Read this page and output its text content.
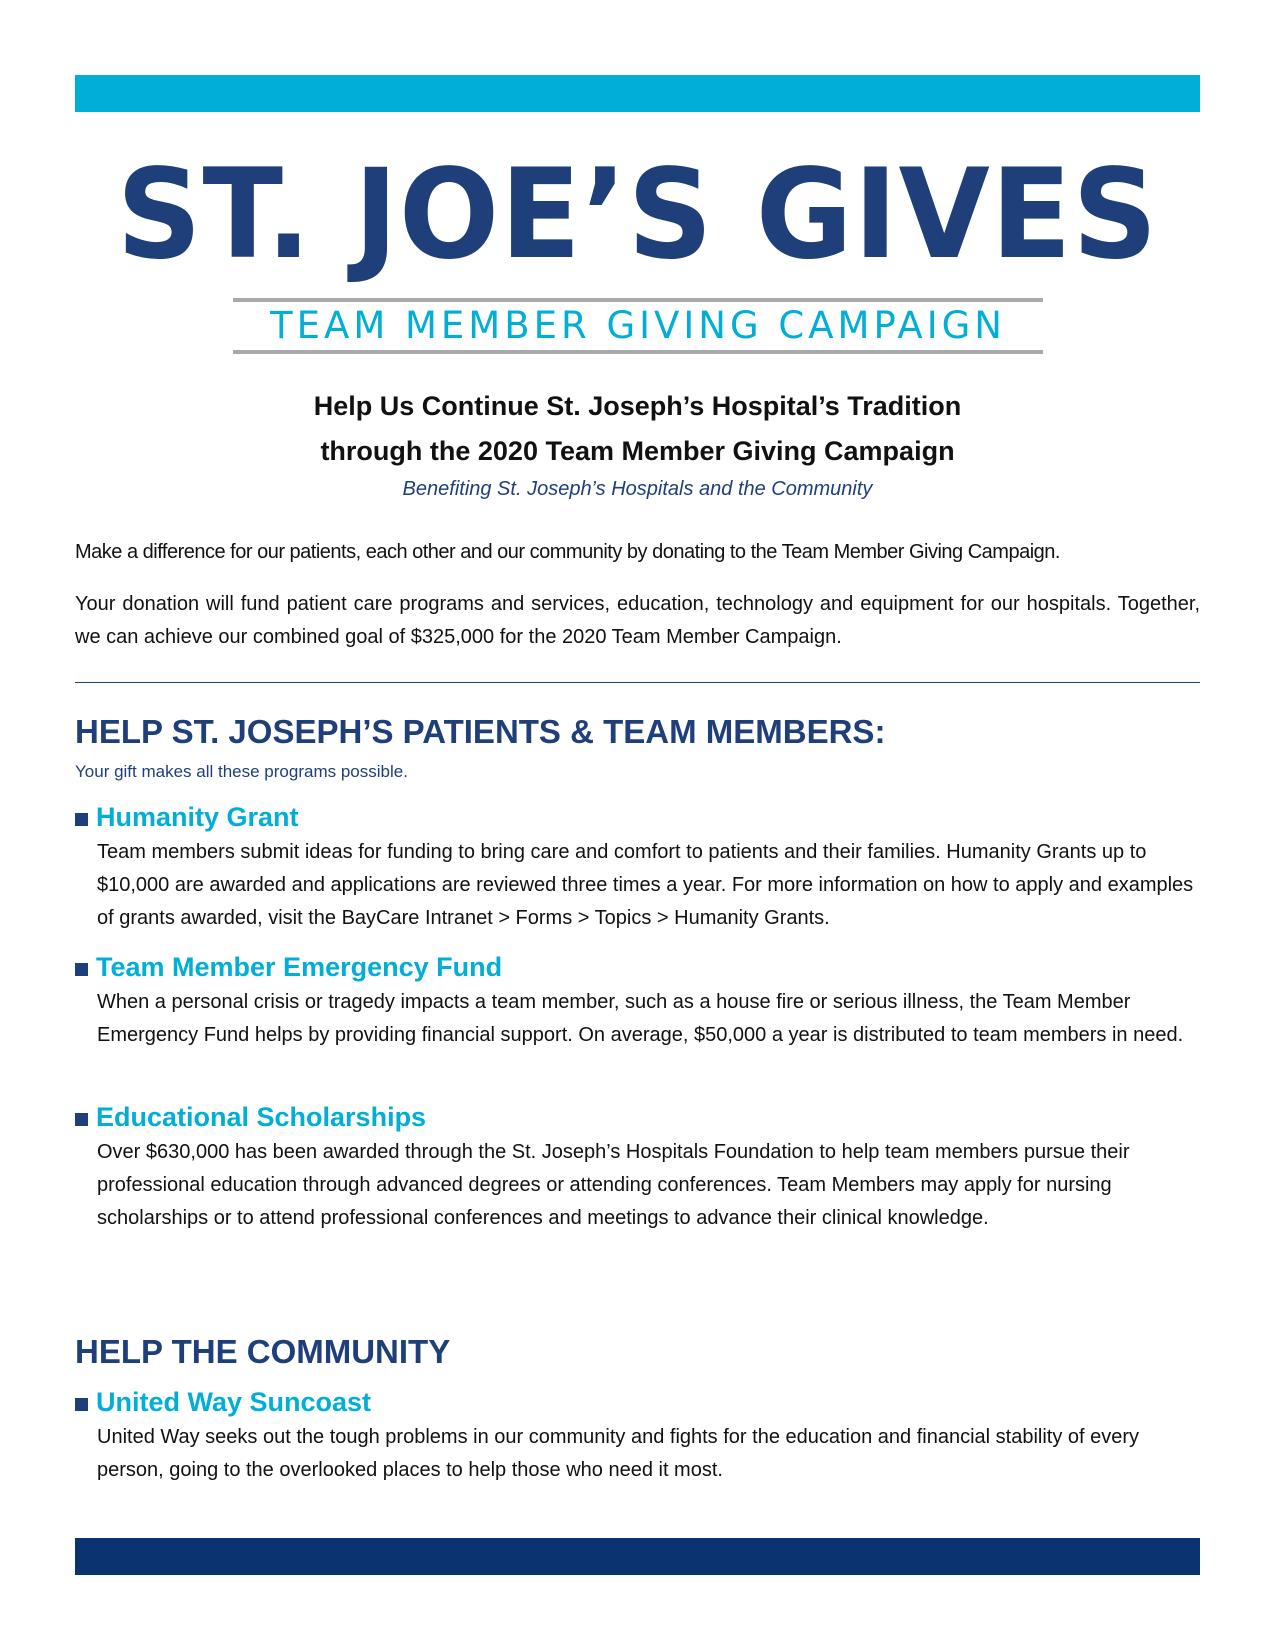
ST. JOE’S GIVES
TEAM MEMBER GIVING CAMPAIGN
Help Us Continue St. Joseph’s Hospital’s Tradition
through the 2020 Team Member Giving Campaign
Benefiting St. Joseph’s Hospitals and the Community
Make a difference for our patients, each other and our community by donating to the Team Member Giving Campaign.
Your donation will fund patient care programs and services, education, technology and equipment for our hospitals. Together, we can achieve our combined goal of $325,000 for the 2020 Team Member Campaign.
HELP ST. JOSEPH’S PATIENTS & TEAM MEMBERS:
Your gift makes all these programs possible.
Humanity Grant
Team members submit ideas for funding to bring care and comfort to patients and their families. Humanity Grants up to $10,000 are awarded and applications are reviewed three times a year. For more information on how to apply and examples of grants awarded, visit the BayCare Intranet > Forms > Topics > Humanity Grants.
Team Member Emergency Fund
When a personal crisis or tragedy impacts a team member, such as a house fire or serious illness, the Team Member Emergency Fund helps by providing financial support. On average, $50,000 a year is distributed to team members in need.
Educational Scholarships
Over $630,000 has been awarded through the St. Joseph’s Hospitals Foundation to help team members pursue their professional education through advanced degrees or attending conferences. Team Members may apply for nursing scholarships or to attend professional conferences and meetings to advance their clinical knowledge.
HELP THE COMMUNITY
United Way Suncoast
United Way seeks out the tough problems in our community and fights for the education and financial stability of every person, going to the overlooked places to help those who need it most.
